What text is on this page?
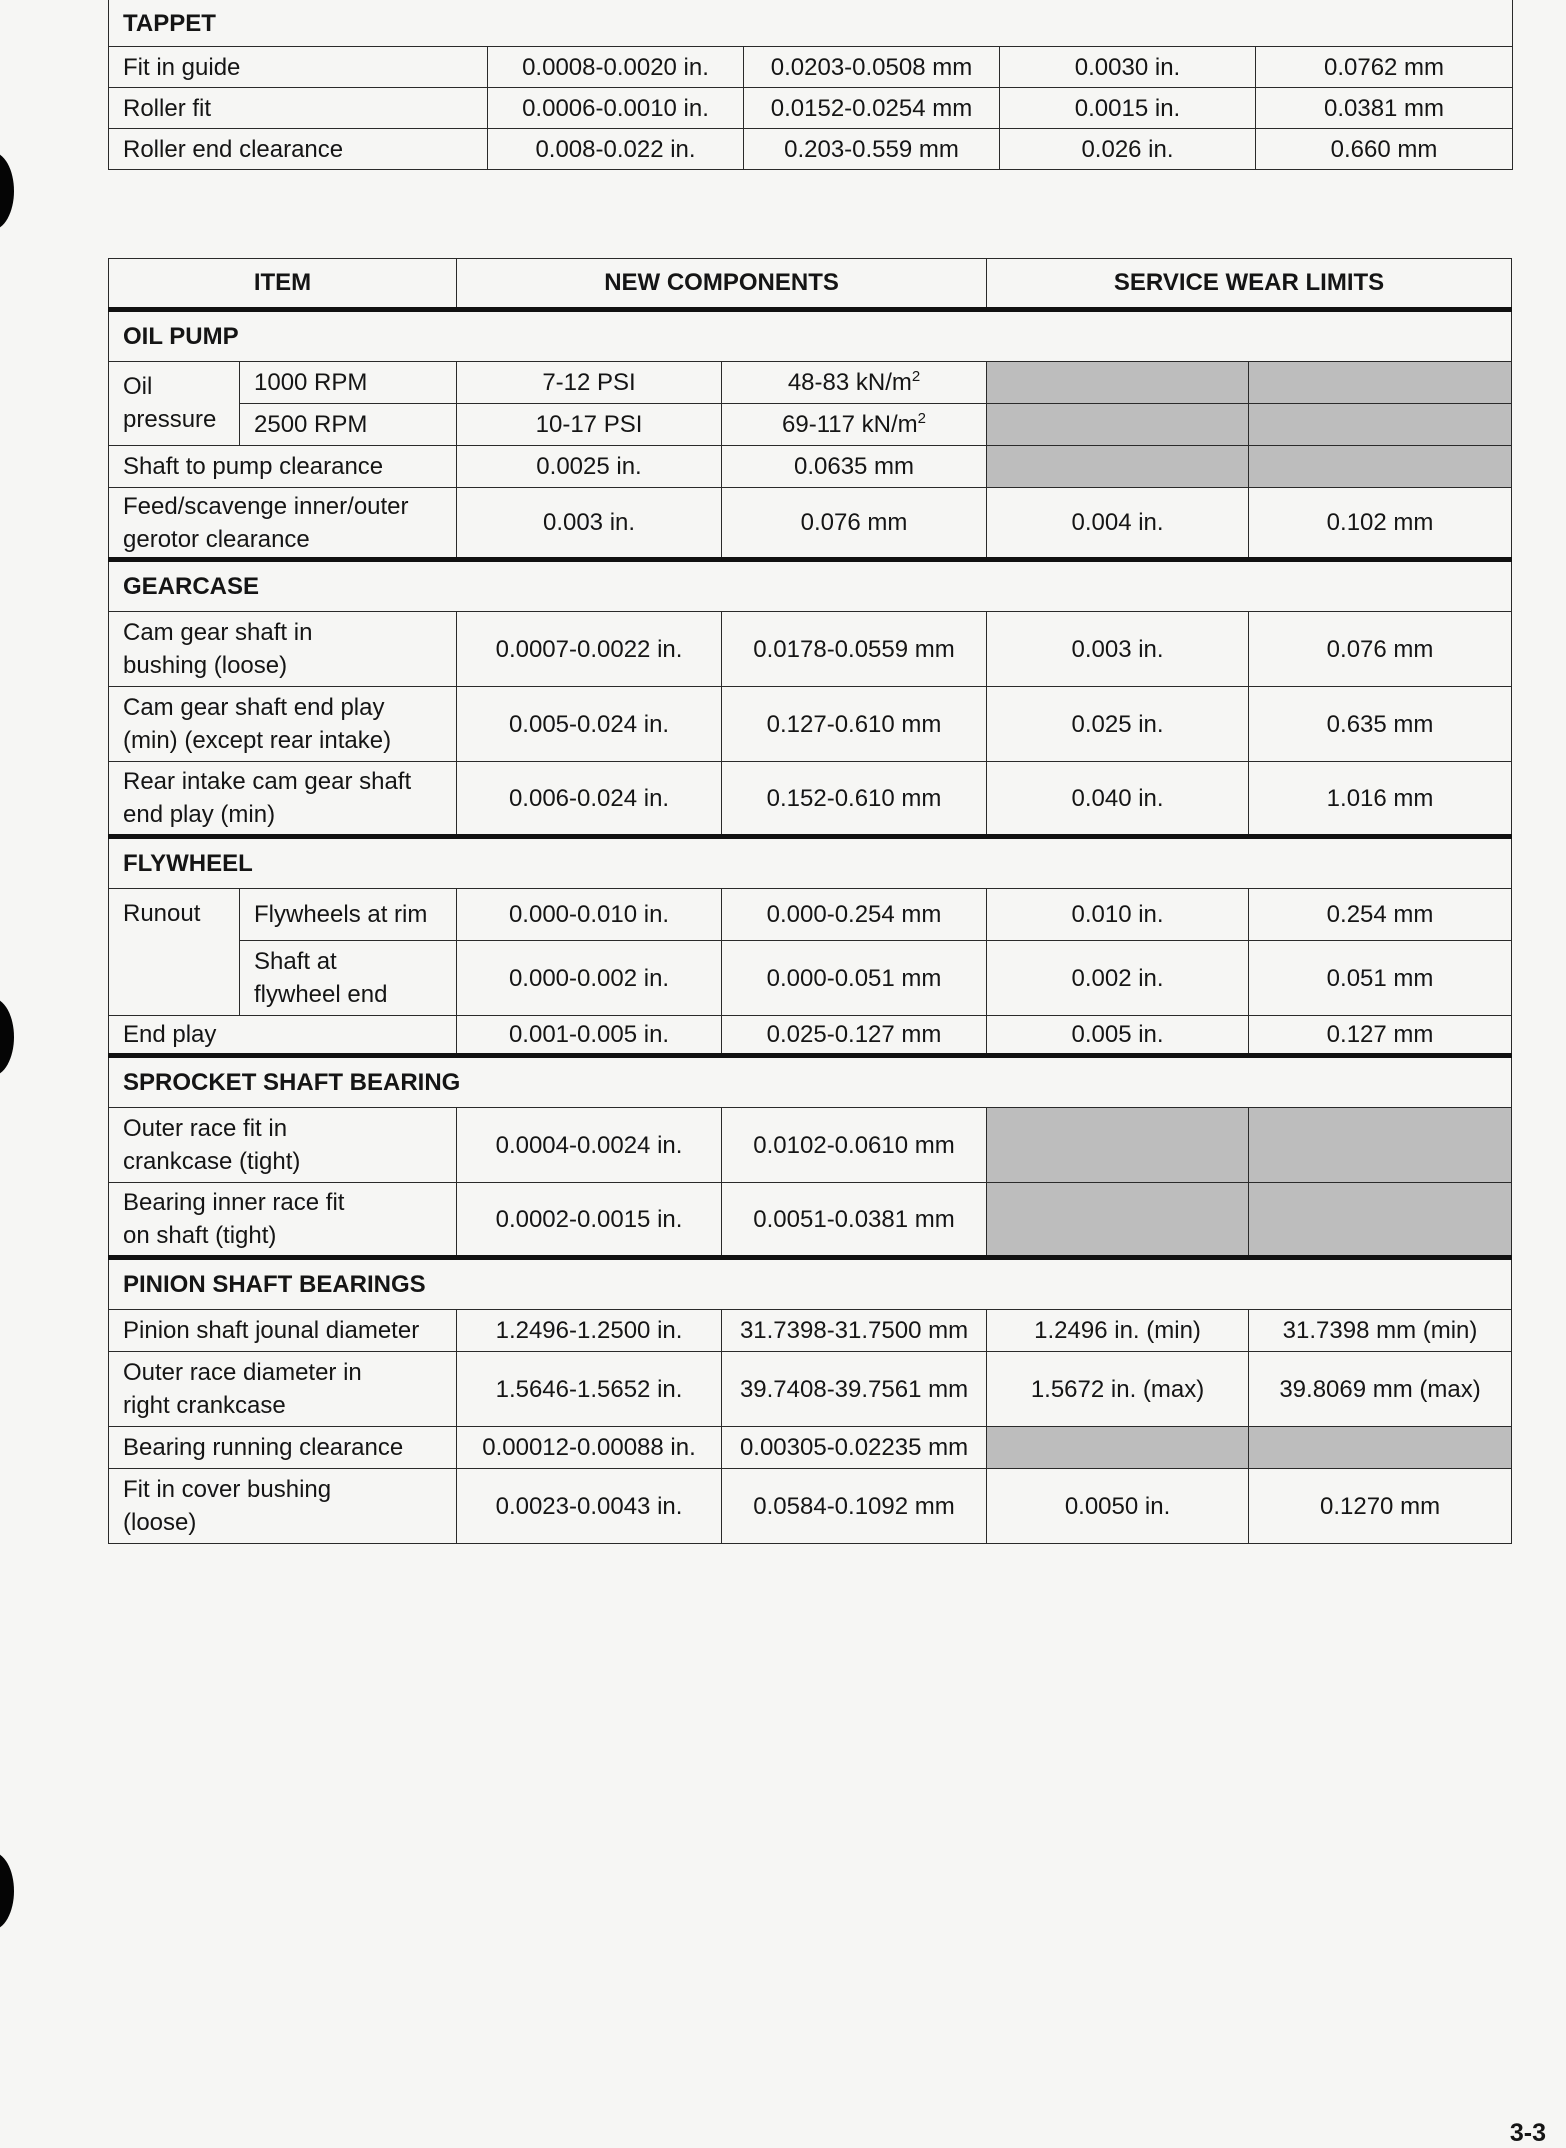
TAPPET				
Fit in guide	0.0008-0.0020 in.	0.0203-0.0508 mm	0.0030 in.	0.0762 mm
Roller fit	0.0006-0.0010 in.	0.0152-0.0254 mm	0.0015 in.	0.0381 mm
Roller end clearance	0.008-0.022 in.	0.203-0.559 mm	0.026 in.	0.660 mm
ITEM		NEW COMPONENTS		SERVICE WEAR LIMITS	
OIL PUMP					
Oil
pressure	1000 RPM	7-12 PSI	48-83 $kN/m^2$		
	2500 RPM	10-17 PSI	69-117 $kN/m^2$		
Shaft to pump clearance		0.0025 in.	0.0635 mm		
Feed/scavenge inner/outer
gerotor clearance		0.003 in.	0.076 mm	0.004 in.	0.102 mm
GEARCASE					
Cam gear shaft in
bushing (loose)		0.0007-0.0022 in.	0.0178-0.0559 mm	0.003 in.	0.076 mm
Cam gear shaft end play
(min) (except rear intake)		0.005-0.024 in.	0.127-0.610 mm	0.025 in.	0.635 mm
Rear intake cam gear shaft
end play (min)		0.006-0.024 in.	0.152-0.610 mm	0.040 in.	1.016 mm
FLYWHEEL					
Runout	Flywheels at rim	0.000-0.010 in.	0.000-0.254 mm	0.010 in.	0.254 mm
	Shaft at
flywheel end	0.000-0.002 in.	0.000-0.051 mm	0.002 in.	0.051 mm
End play		0.001-0.005 in.	0.025-0.127 mm	0.005 in.	0.127 mm
SPROCKET SHAFT BEARING					
Outer race fit in
crankcase (tight)		0.0004-0.0024 in.	0.0102-0.0610 mm		
Bearing inner race fit
on shaft (tight)		0.0002-0.0015 in.	0.0051-0.0381 mm		
PINION SHAFT BEARINGS					
Pinion shaft jounal diameter		1.2496-1.2500 in.	31.7398-31.7500 mm	1.2496 in. (min)	31.7398 mm (min)
Outer race diameter in
right crankcase		1.5646-1.5652 in.	39.7408-39.7561 mm	1.5672 in. (max)	39.8069 mm (max)
Bearing running clearance		0.00012-0.00088 in.	0.00305-0.02235 mm		
Fit in cover bushing
(loose)		0.0023-0.0043 in.	0.0584-0.1092 mm	0.0050 in.	0.1270 mm
3-3
